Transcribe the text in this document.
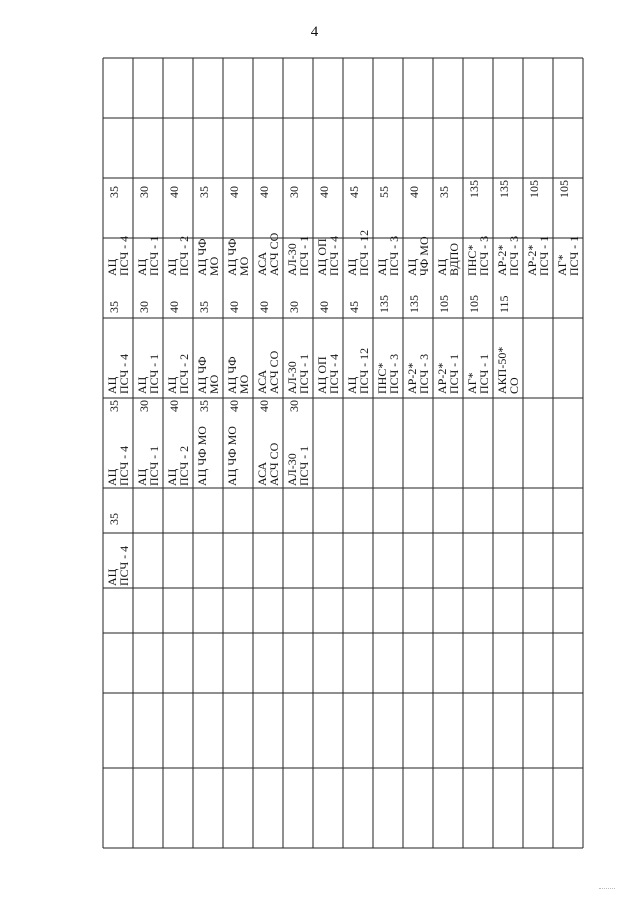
4
АЦ
ПСЧ - 4
35
АЦ
ПСЧ - 4
35
АЦ
ПСЧ - 1
30
АЦ
ПСЧ - 2
40
АЦ ЧФ МО
35
АЦ ЧФ МО
40
АСА
АСЧ СО
40
АЛ-30
ПСЧ - 1
30
АЦ
ПСЧ - 4
35
АЦ
ПСЧ - 1
30
АЦ
ПСЧ - 2
40
АЦ ЧФ
МО
35
АЦ ЧФ
МО
40
АСА
АСЧ СО
40
АЛ-30
ПСЧ - 1
30
АЦ ОП
ПСЧ - 4
40
АЦ
ПСЧ - 12
45
ПНС*
ПСЧ - 3
135
АР-2*
ПСЧ - 3
135
АР-2*
ПСЧ - 1
105
АГ*
ПСЧ - 1
105
АКП-50*
СО
115
АЦ
ПСЧ - 4
35
АЦ
ПСЧ - 1
30
АЦ
ПСЧ - 2
40
АЦ ЧФ
МО
35
АЦ ЧФ
МО
40
АСА
АСЧ СО
40
АЛ-30
ПСЧ - 1
30
АЦ ОП
ПСЧ - 4
40
АЦ
ПСЧ - 12
45
АЦ
ПСЧ - 3
55
АЦ
ЧФ МО
40
АЦ
ВДПО
35
ПНС*
ПСЧ - 3
135
АР-2*
ПСЧ - 3
135
АР-2*
ПСЧ - 1
105
АГ*
ПСЧ - 1
105
